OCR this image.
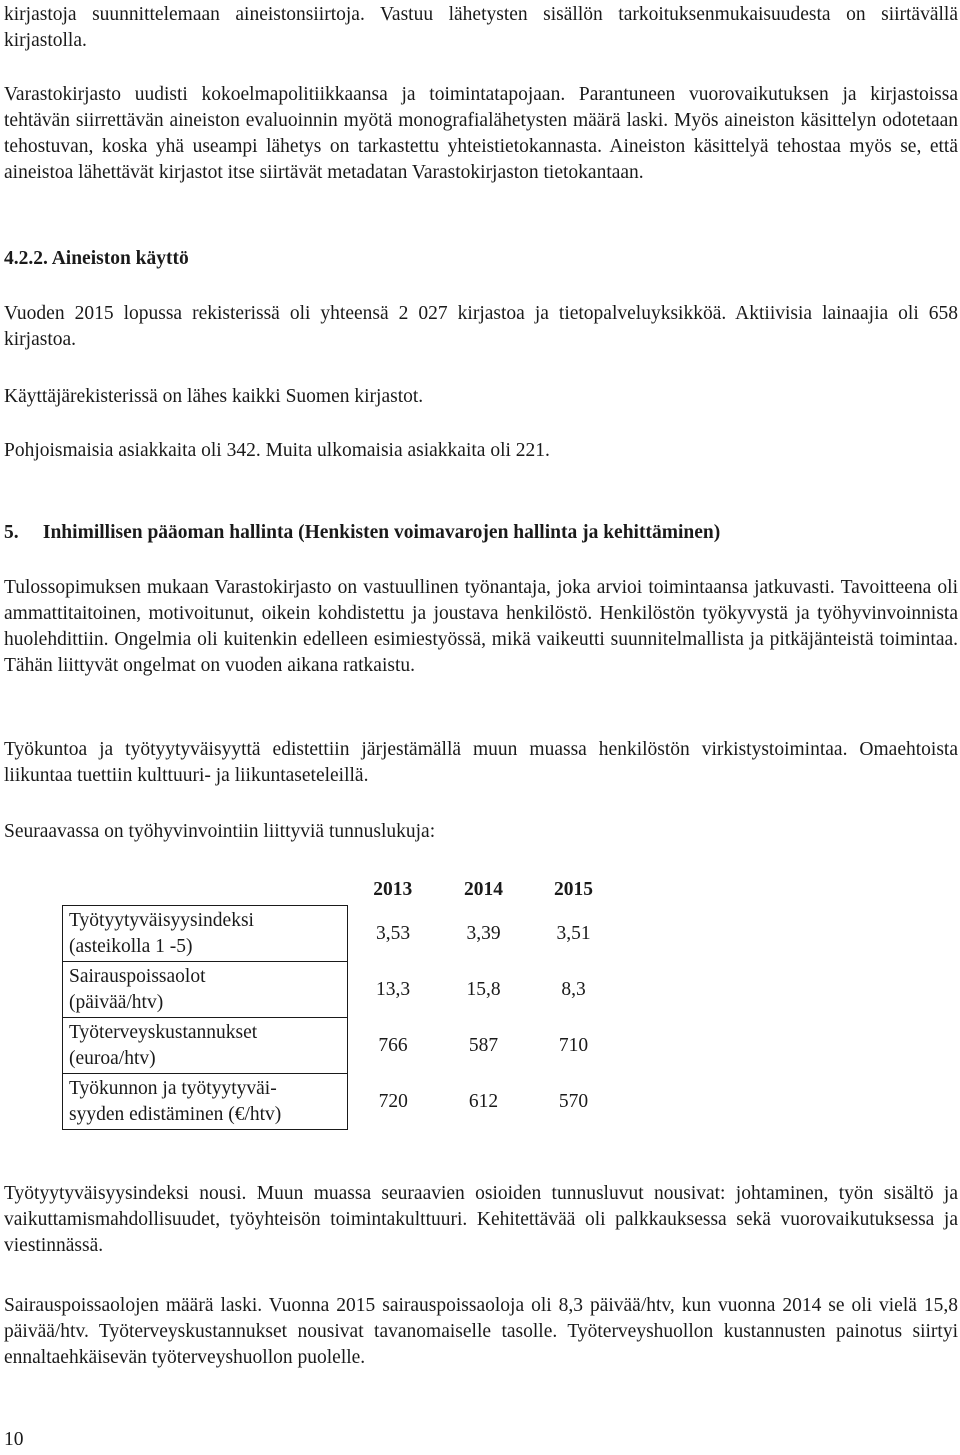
kirjastoja suunnittelemaan aineistonsiirtoja. Vastuu lähetysten sisällön tarkoituksenmukaisuudesta on siirtävällä kirjastolla.

Varastokirjasto uudisti kokoelmapolitiikkaansa ja toimintatapojaan. Parantuneen vuorovaikutuksen ja kirjastoissa tehtävän siirrettävän aineiston evaluoinnin myötä monografialähetysten määrä laski. Myös aineiston käsittelyn odotetaan tehostuvan, koska yhä useampi lähetys on tarkastettu yhteistietokannasta. Aineiston käsittelyä tehostaa myös se, että aineistoa lähettävät kirjastot itse siirtävät metadatan Varastokirjaston tietokantaan.

4.2.2. Aineiston käyttö

Vuoden 2015 lopussa rekisterissä oli yhteensä 2 027 kirjastoa ja tietopalveluyksikköä. Aktiivisia lainaajia oli 658 kirjastoa.

Käyttäjärekisterissä on lähes kaikki Suomen kirjastot.

Pohjoismaisia asiakkaita oli 342. Muita ulkomaisia asiakkaita oli 221.

5. Inhimillisen pääoman hallinta (Henkisten voimavarojen hallinta ja kehittäminen)

Tulossopimuksen mukaan Varastokirjasto on vastuullinen työnantaja, joka arvioi toimintaansa jatkuvasti. Tavoitteena oli ammattitaitoinen, motivoitunut, oikein kohdistettu ja joustava henkilöstö. Henkilöstön työkyvystä ja työhyvinvoinnista huolehdittiin. Ongelmia oli kuitenkin edelleen esimiestyössä, mikä vaikeutti suunnitelmallista ja pitkäjänteistä toimintaa. Tähän liittyvät ongelmat on vuoden aikana ratkaistu.

Työkuntoa ja työtyytyväisyyttä edistettiin järjestämällä muun muassa henkilöstön virkistystoimintaa. Omaehtoista liikuntaa tuettiin kulttuuri- ja liikuntaseteleillä.

Seuraavassa on työhyvinvointiin liittyviä tunnuslukuja:

	2013	2014	2015

Työtyytyväisyysindeksi
(asteikolla 1 -5)	3,53	3,39	3,51

Sairauspoissaolot
(päivää/htv)	13,3	15,8	8,3

Työterveyskustannukset
(euroa/htv)	766	587	710

Työkunnon ja työtyytyväi-
syyden edistäminen (€/htv)	720	612	570

Työtyytyväisyysindeksi nousi. Muun muassa seuraavien osioiden tunnusluvut nousivat: johtaminen, työn sisältö ja vaikuttamismahdollisuudet, työyhteisön toimintakulttuuri. Kehitettävää oli palkkauksessa sekä vuorovaikutuksessa ja viestinnässä.

Sairauspoissaolojen määrä laski. Vuonna 2015 sairauspoissaoloja oli 8,3 päivää/htv, kun vuonna 2014 se oli vielä 15,8 päivää/htv. Työterveyskustannukset nousivat tavanomaiselle tasolle. Työterveyshuollon kustannusten painotus siirtyi ennaltaehkäisevän työterveyshuollon puolelle.

10
